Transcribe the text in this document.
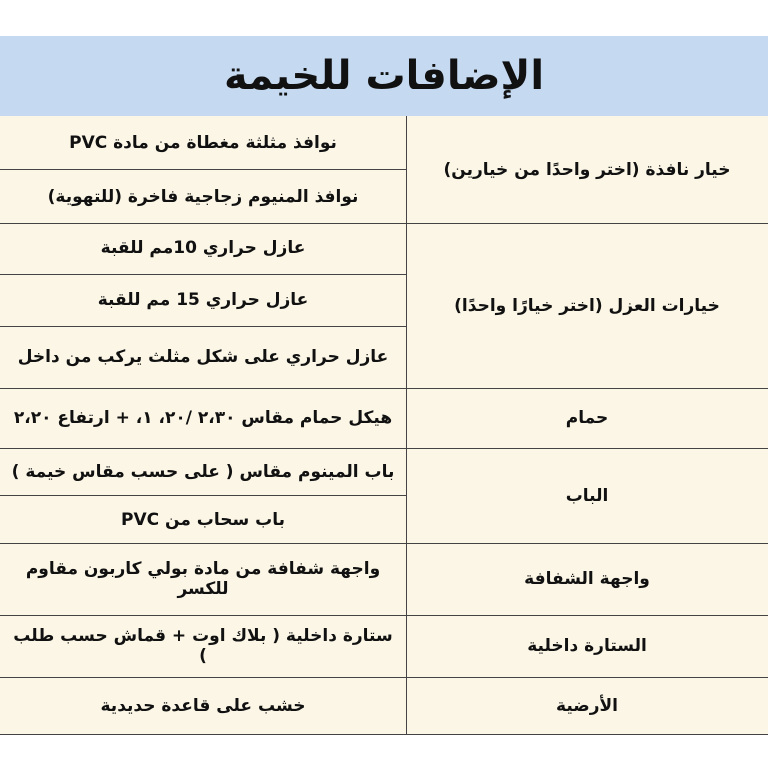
الإضافات للخيمة
خيار نافذة (اختر واحدًا من خيارين)
نوافذ مثلثة مغطاة من مادة PVC
نوافذ المنيوم زجاجية فاخرة (للتهوية)
خيارات العزل (اختر خيارًا واحدًا)
عازل حراري 10مم للقبة
عازل حراري 15 مم للقبة
عازل حراري على شكل مثلث يركب من داخل
حمام
هيكل حمام مقاس ٢،٣٠ /٢٠، ١، + ارتفاع ٢،٢٠
الباب
باب المينوم مقاس ( على حسب مقاس خيمة )
باب سحاب من PVC
واجهة الشفافة
واجهة شفافة من مادة بولي كاربون مقاوم للكسر
الستارة داخلية
ستارة داخلية ( بلاك اوت + قماش حسب طلب )
الأرضية
خشب على قاعدة حديدية
